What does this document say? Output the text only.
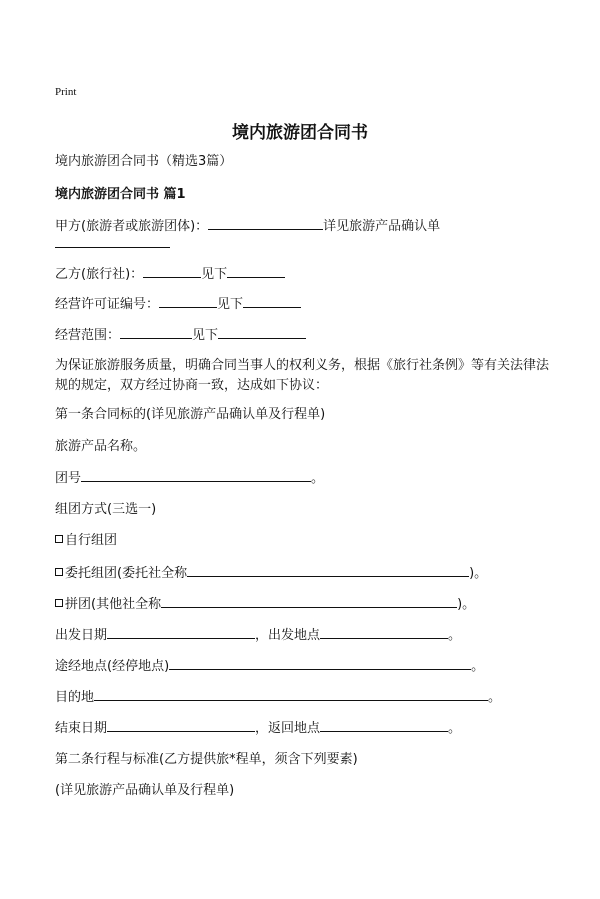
Print
境内旅游团合同书
境内旅游团合同书（精选3篇）
境内旅游团合同书 篇1
甲方(旅游者或旅游团体)：	详见旅游产品确认单
乙方(旅行社)：	见下
经营许可证编号：	见下
经营范围：	见下
为保证旅游服务质量，明确合同当事人的权利义务，根据《旅行社条例》等有关法律法规的规定，双方经过协商一致，达成如下协议：
第一条合同标的(详见旅游产品确认单及行程单)
旅游产品名称。
团号	。
组团方式(三选一)
自行组团
委托组团(委托社全称	)。
拼团(其他社全称	)。
出发日期	，出发地点	。
途经地点(经停地点)	。
目的地	。
结束日期	，返回地点	。
第二条行程与标准(乙方提供旅*程单，须含下列要素)
(详见旅游产品确认单及行程单)
